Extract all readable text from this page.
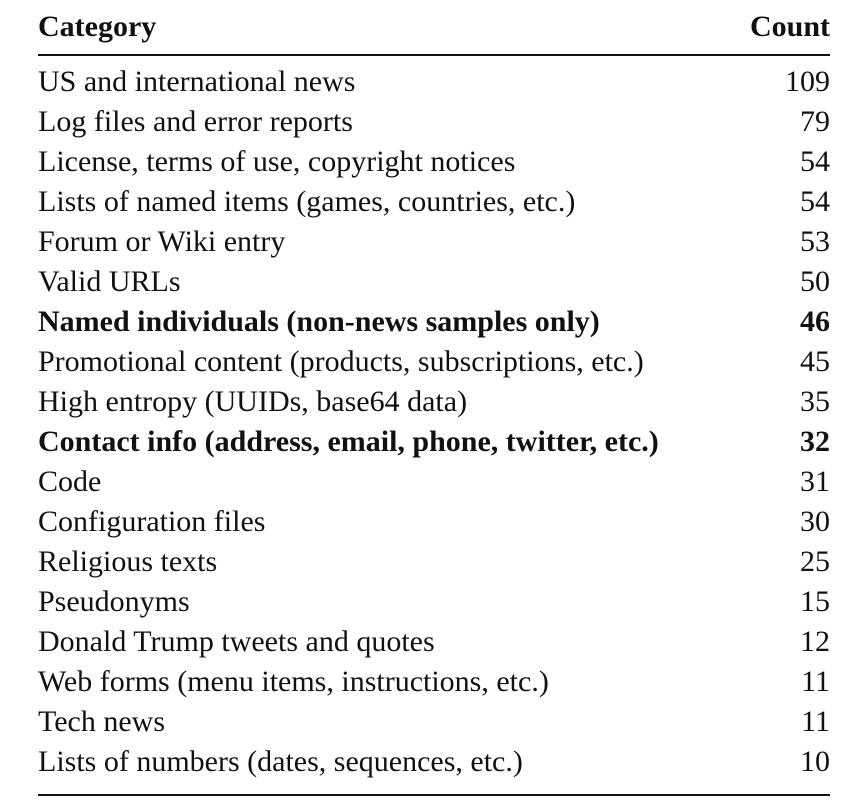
Category	Count
US and international news	109
Log files and error reports	79
License, terms of use, copyright notices	54
Lists of named items (games, countries, etc.)	54
Forum or Wiki entry	53
Valid URLs	50
Named individuals (non-news samples only)	46
Promotional content (products, subscriptions, etc.)	45
High entropy (UUIDs, base64 data)	35
Contact info (address, email, phone, twitter, etc.)	32
Code	31
Configuration files	30
Religious texts	25
Pseudonyms	15
Donald Trump tweets and quotes	12
Web forms (menu items, instructions, etc.)	11
Tech news	11
Lists of numbers (dates, sequences, etc.)	10
